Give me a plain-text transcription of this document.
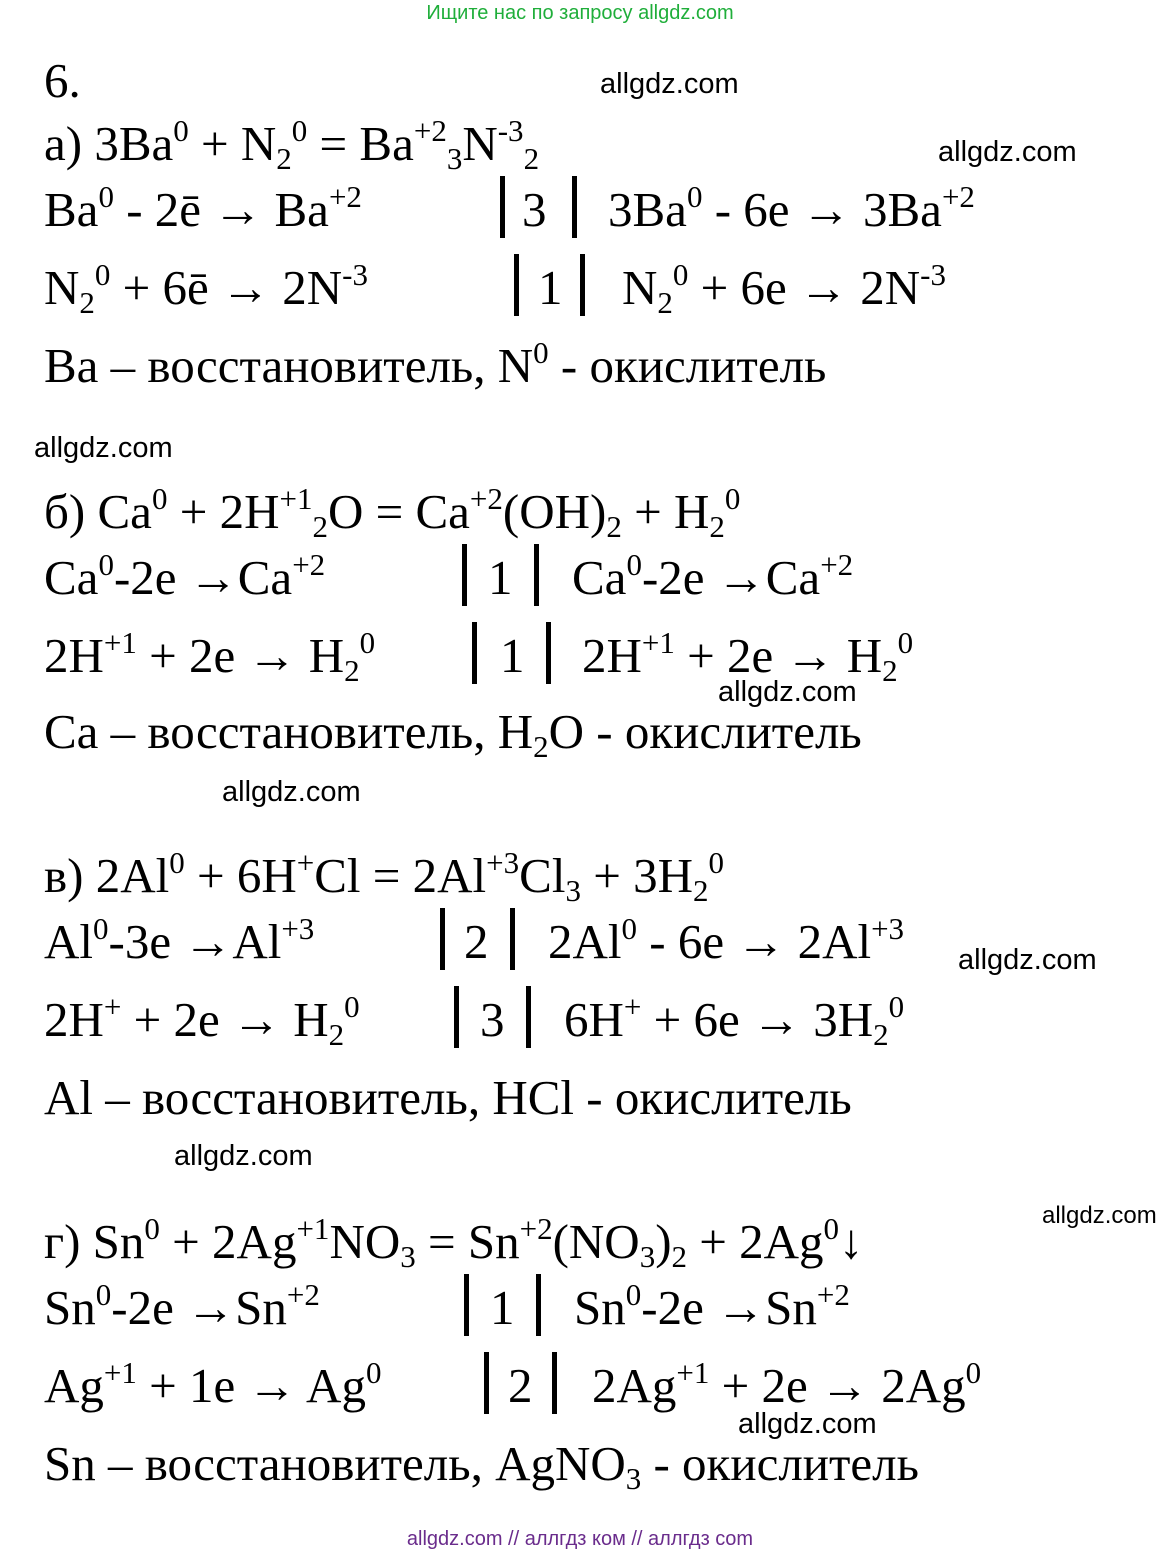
Ищите нас по запросу allgdz.com
6.	allgdz.com
allgdz.com
allgdz.com
allgdz.com
allgdz.com
allgdz.com
allgdz.com
allgdz.com
allgdz.com
а) $3Ba^0 + N_2^0 = Ba^{+2}_3N^{-3}_2$
Ba$^0$ - 2ē → $Ba^{+2}$	3 $3Ba^0 - 6e \to 3Ba^{+2}$
$N_2^0$ + 6ē → $2N^{-3}$	1 $N_2^0 + 6e \to 2N^{-3}$
Ba – восстановитель, $N^0$ - окислитель
б) $Ca^0 + 2H^{+1}_2O = Ca^{+2}(OH)_2 + H_2^0$
$Ca^0-2e \to Ca^{+2}$	1 $Ca^0-2e \to Ca^{+2}$
$2H^{+1} + 2e \to H_2^0$	1 $2H^{+1} + 2e \to H_2^0$
Ca – восстановитель, $H_2O$ - окислитель
в) $2Al^0 + 6H^+Cl = 2Al^{+3}Cl_3 + 3H_2^0$
$Al^0-3e \to Al^{+3}$	2 $2Al^0 - 6e \to 2Al^{+3}$
$2H^+ + 2e \to H_2^0$ 3 $6H^+ + 6e \to 3H_2^0$
Al – восстановитель, HCl - окислитель
г) $Sn^0 + 2Ag^{+1}NO_3 = Sn^{+2}(NO_3)_2$ + $2Ag^0↓$
$Sn^0-2e \to Sn^{+2}$	1 $Sn^0-2e \to Sn^{+2}$
$Ag^{+1} + 1e \to Ag^0$	2 $2Ag^{+1} + 2e \to 2Ag^0$
Sn – восстановитель, AgNO$_3$ - окислитель
allgdz.com // аллгдз ком // аллгдз com
